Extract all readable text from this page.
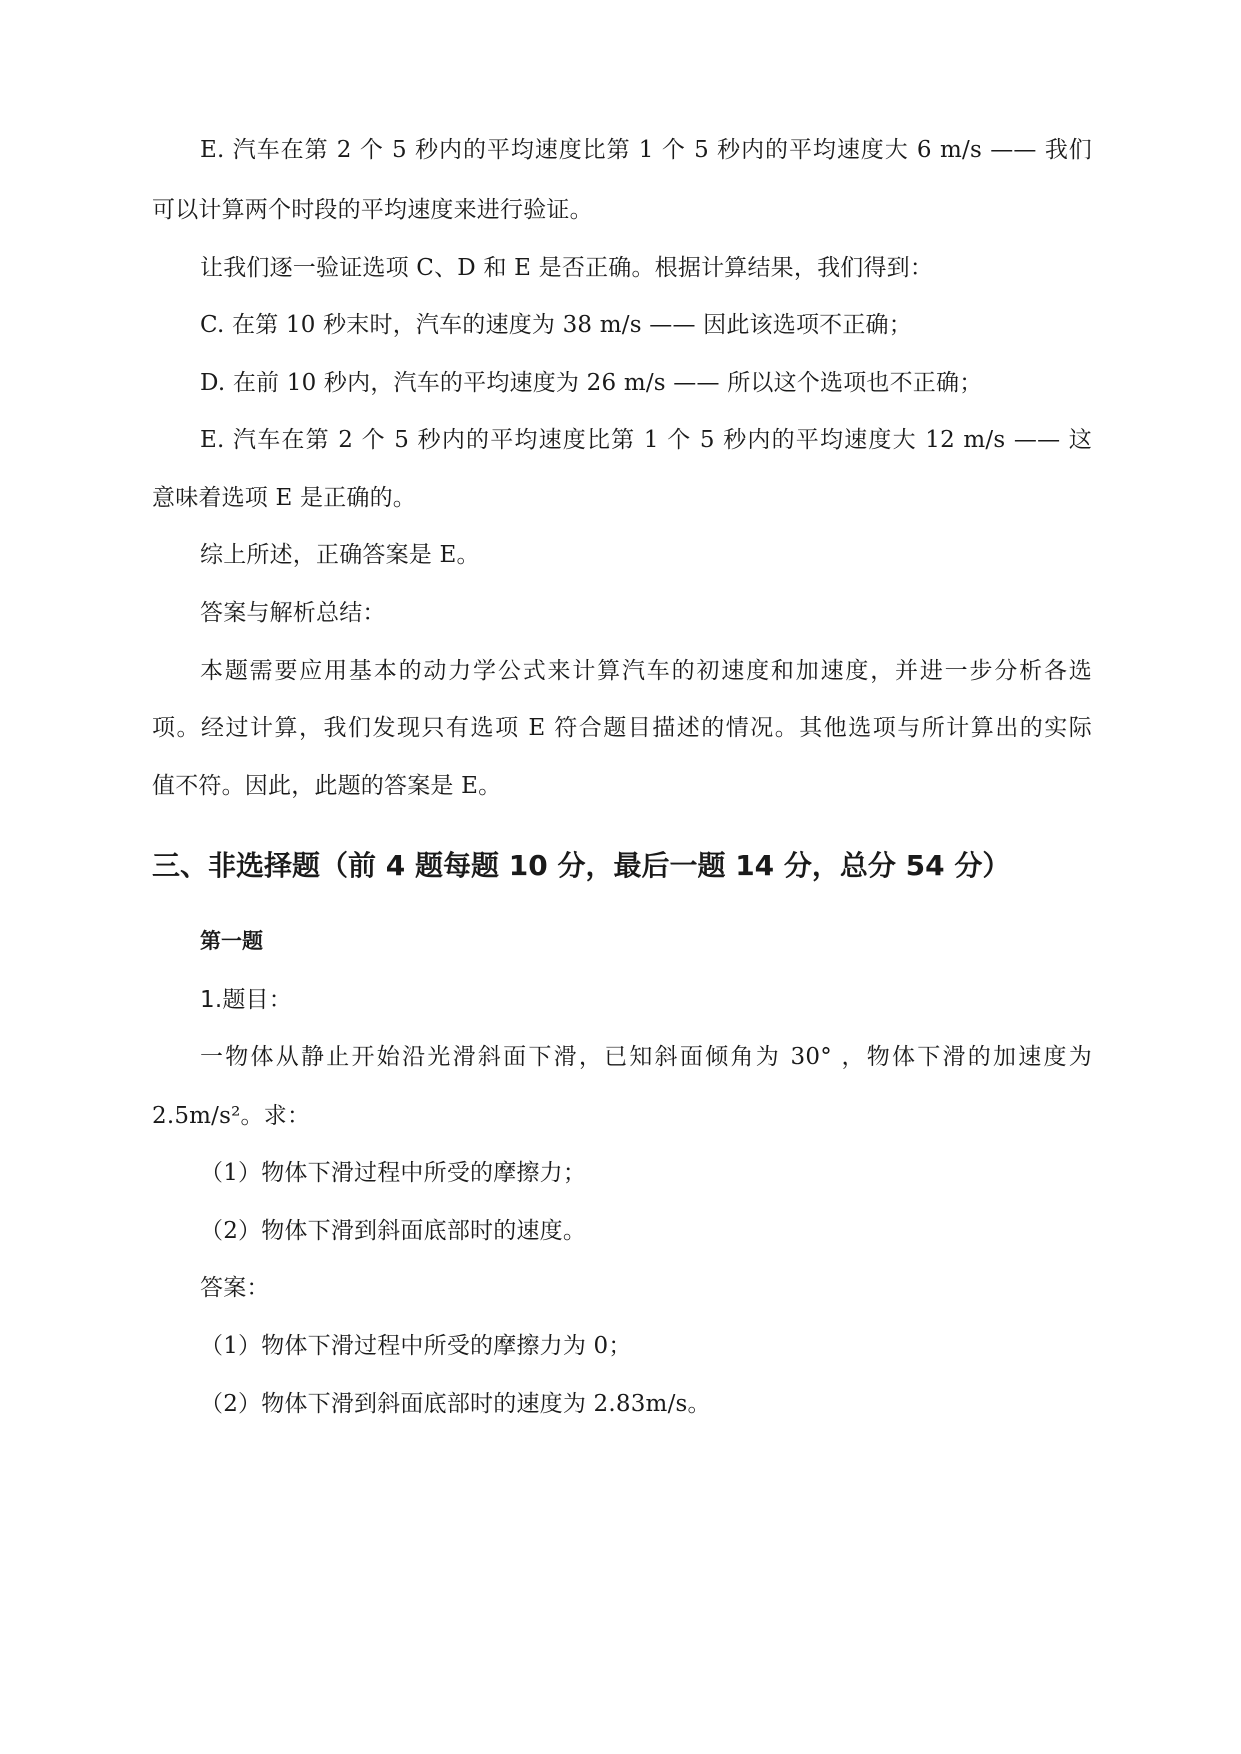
E. 汽车在第 2 个 5 秒内的平均速度比第 1 个 5 秒内的平均速度大 6 m/s —— 我们
可以计算两个时段的平均速度来进行验证。
让我们逐一验证选项 C、D 和 E 是否正确。根据计算结果，我们得到：
C. 在第 10 秒末时，汽车的速度为 38 m/s —— 因此该选项不正确；
D. 在前 10 秒内，汽车的平均速度为 26 m/s —— 所以这个选项也不正确；
E. 汽车在第 2 个 5 秒内的平均速度比第 1 个 5 秒内的平均速度大 12 m/s —— 这
意味着选项 E 是正确的。
综上所述，正确答案是 E。
答案与解析总结：
本题需要应用基本的动力学公式来计算汽车的初速度和加速度，并进一步分析各选
项。经过计算，我们发现只有选项 E 符合题目描述的情况。其他选项与所计算出的实际
值不符。因此，此题的答案是 E。
三、非选择题（前 4 题每题 10 分，最后一题 14 分，总分 54 分）
第一题
1.题目：
一物体从静止开始沿光滑斜面下滑，已知斜面倾角为 30° ，物体下滑的加速度为
2.5m/s²。求：
（1）物体下滑过程中所受的摩擦力；
（2）物体下滑到斜面底部时的速度。
答案：
（1）物体下滑过程中所受的摩擦力为 0；
（2）物体下滑到斜面底部时的速度为 2.83m/s。
